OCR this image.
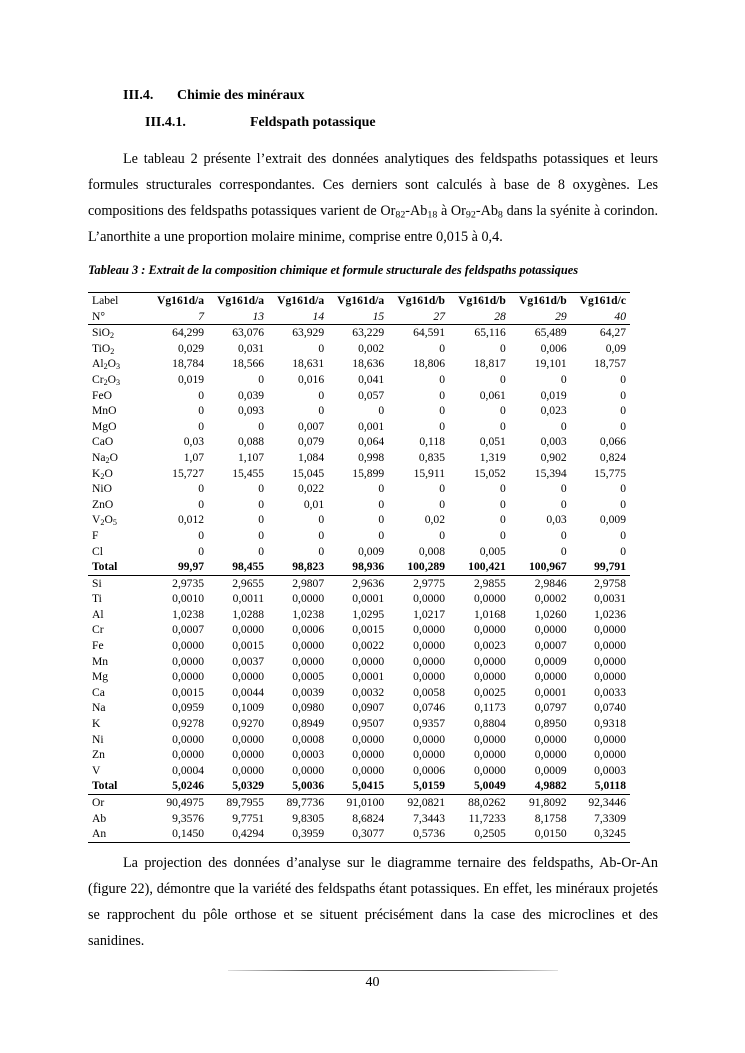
III.4. Chimie des minéraux
III.4.1.	Feldspath potassique

Le tableau 2 présente l’extrait des données analytiques des feldspaths potassiques et leurs formules structurales correspondantes. Ces derniers sont calculés à base de 8 oxygènes. Les compositions des feldspaths potassiques varient de $Or_{82}-Ab_{18}$ à $Or_{92}-Ab_8$ dans la syénite à corindon. L’anorthite a une proportion molaire minime, comprise entre 0,015 à 0,4.

Tableau 3 : Extrait de la composition chimique et formule structurale des feldspaths potassiques
Label	Vg161d/a	Vg161d/a	Vg161d/a	Vg161d/a	Vg161d/b	Vg161d/b	Vg161d/b	Vg161d/c
N°	7	13	14	15	27	28	29	40
SiO$_2$	64,299	63,076	63,929	63,229	64,591	65,116	65,489	64,27
TiO$_2$	0,029	0,031	0	0,002	0	0	0,006	0,09
$Al_2O_3$	18,784	18,566	18,631	18,636	18,806	18,817	19,101	18,757
$Cr_2O_3$	0,019	0	0,016	0,041	0	0	0	0
FeO	0	0,039	0	0,057	0	0,061	0,019	0
MnO	0	0,093	0	0	0	0	0,023	0
MgO	0	0	0,007	0,001	0	0	0	0
CaO	0,03	0,088	0,079	0,064	0,118	0,051	0,003	0,066
$Na_2O$	1,07	1,107	1,084	0,998	0,835	1,319	0,902	0,824
$K_2O$	15,727	15,455	15,045	15,899	15,911	15,052	15,394	15,775
NiO	0	0	0,022	0	0	0	0	0
ZnO	0	0	0,01	0	0	0	0	0
$V_2O_5$	0,012	0	0	0	0,02	0	0,03	0,009
F	0	0	0	0	0	0	0	0
Cl	0	0	0	0,009	0,008	0,005	0	0
Total	99,97	98,455	98,823	98,936	100,289	100,421	100,967	99,791
Si	2,9735	2,9655	2,9807	2,9636	2,9775	2,9855	2,9846	2,9758
Ti	0,0010	0,0011	0,0000	0,0001	0,0000	0,0000	0,0002	0,0031
Al	1,0238	1,0288	1,0238	1,0295	1,0217	1,0168	1,0260	1,0236
Cr	0,0007	0,0000	0,0006	0,0015	0,0000	0,0000	0,0000	0,0000
Fe	0,0000	0,0015	0,0000	0,0022	0,0000	0,0023	0,0007	0,0000
Mn	0,0000	0,0037	0,0000	0,0000	0,0000	0,0000	0,0009	0,0000
Mg	0,0000	0,0000	0,0005	0,0001	0,0000	0,0000	0,0000	0,0000
Ca	0,0015	0,0044	0,0039	0,0032	0,0058	0,0025	0,0001	0,0033
Na	0,0959	0,1009	0,0980	0,0907	0,0746	0,1173	0,0797	0,0740
K	0,9278	0,9270	0,8949	0,9507	0,9357	0,8804	0,8950	0,9318
Ni	0,0000	0,0000	0,0008	0,0000	0,0000	0,0000	0,0000	0,0000
Zn	0,0000	0,0000	0,0003	0,0000	0,0000	0,0000	0,0000	0,0000
V	0,0004	0,0000	0,0000	0,0000	0,0006	0,0000	0,0009	0,0003
Total	5,0246	5,0329	5,0036	5,0415	5,0159	5,0049	4,9882	5,0118
Or	90,4975	89,7955	89,7736	91,0100	92,0821	88,0262	91,8092	92,3446
Ab	9,3576	9,7751	9,8305	8,6824	7,3443	11,7233	8,1758	7,3309
An	0,1450	0,4294	0,3959	0,3077	0,5736	0,2505	0,0150	0,3245

La projection des données d’analyse sur le diagramme ternaire des feldspaths, Ab-Or-An (figure 22), démontre que la variété des feldspaths étant potassiques. En effet, les minéraux projetés se rapprochent du pôle orthose et se situent précisément dans la case des microclines et des sanidines.

40
